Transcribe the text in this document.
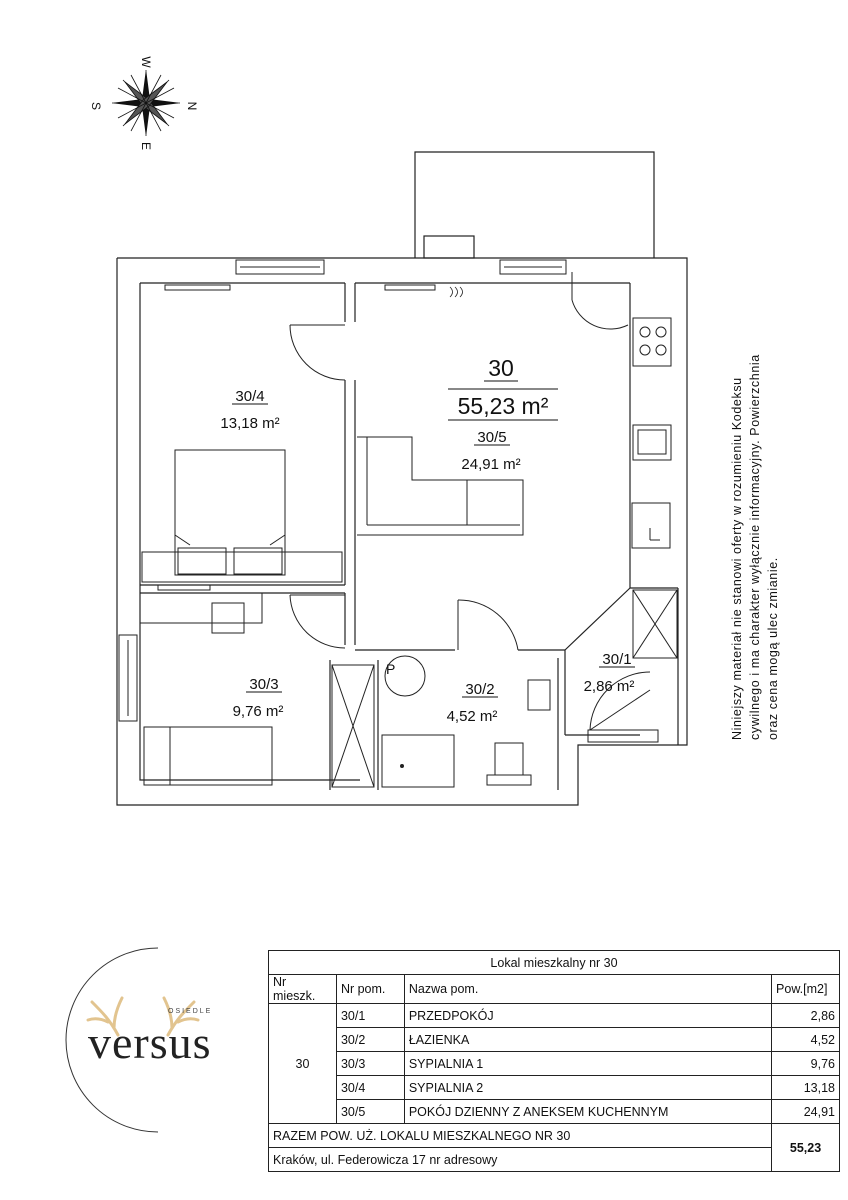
W
E
S	N
P
30
55,23 m²
30/5
24,91 m²
30/4
13,18 m²
30/3
9,76 m²
30/2
4,52 m²
30/1
2,86 m²	Niniejszy materiał nie stanowi oferty w rozumieniu Kodeksu
cywilnego i ma charakter wyłącznie informacyjny. Powierzchnia
oraz cena mogą ulec zmianie.
OSIEDLE
versus
Lokal mieszkalny nr 30			
Nr mieszk.	Nr pom.	Nazwa pom.	Pow.[m2]
30	30/1	PRZEDPOKÓJ	2,86
	30/2	ŁAZIENKA	4,52
	30/3	SYPIALNIA 1	9,76
	30/4	SYPIALNIA 2	13,18
	30/5	POKÓJ DZIENNY Z ANEKSEM KUCHENNYM	24,91
RAZEM POW. UŻ. LOKALU MIESZKALNEGO NR 30			55,23
Kraków, ul. Federowicza 17 nr adresowy			
